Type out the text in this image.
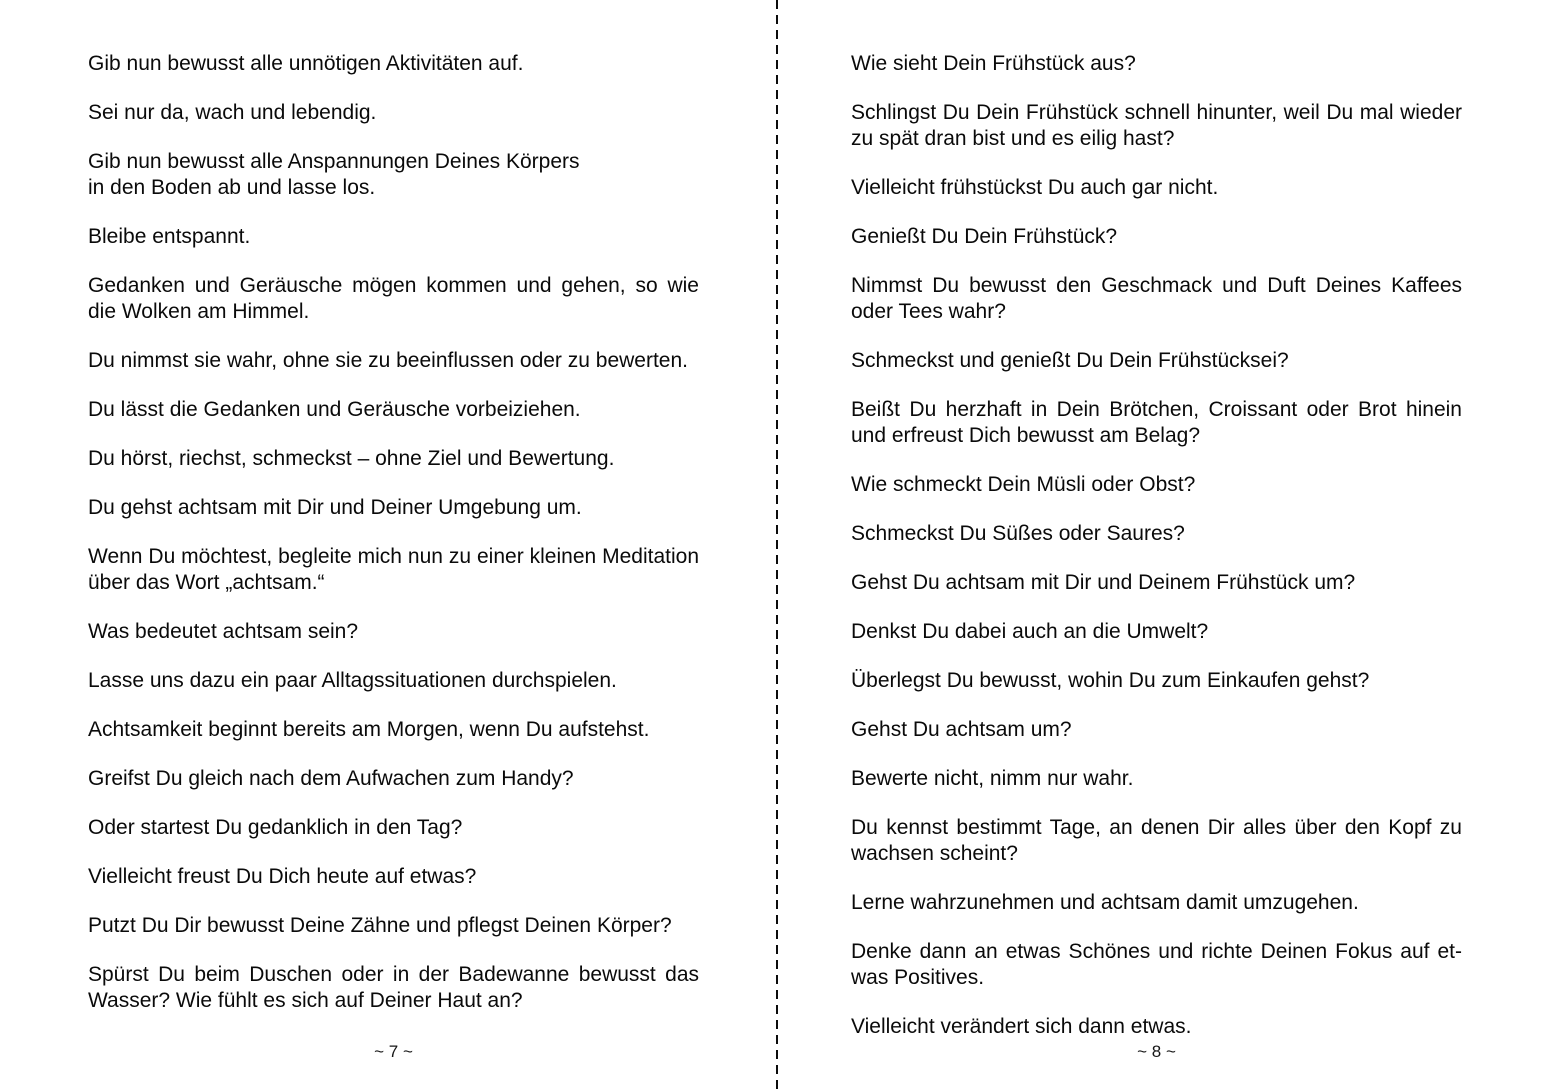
Gib nun bewusst alle unnötigen Aktivitäten auf.

Sei nur da, wach und lebendig.

Gib nun bewusst alle Anspannungen Deines Körpers
in den Boden ab und lasse los.

Bleibe entspannt.

Gedanken und Geräusche mögen kommen und gehen, so wie die Wolken am Himmel.

Du nimmst sie wahr, ohne sie zu beeinflussen oder zu bewerten.

Du lässt die Gedanken und Geräusche vorbeiziehen.

Du hörst, riechst, schmeckst – ohne Ziel und Bewertung.

Du gehst achtsam mit Dir und Deiner Umgebung um.

Wenn Du möchtest, begleite mich nun zu einer kleinen Meditation über das Wort „achtsam.“

Was bedeutet achtsam sein?

Lasse uns dazu ein paar Alltagssituationen durchspielen.

Achtsamkeit beginnt bereits am Morgen, wenn Du aufstehst.

Greifst Du gleich nach dem Aufwachen zum Handy?

Oder startest Du gedanklich in den Tag?

Vielleicht freust Du Dich heute auf etwas?

Putzt Du Dir bewusst Deine Zähne und pflegst Deinen Körper?

Spürst Du beim Duschen oder in der Badewanne bewusst das Wasser? Wie fühlt es sich auf Deiner Haut an?

~ 7 ~

Wie sieht Dein Frühstück aus?

Schlingst Du Dein Frühstück schnell hinunter, weil Du mal wieder zu spät dran bist und es eilig hast?

Vielleicht frühstückst Du auch gar nicht.

Genießt Du Dein Frühstück?

Nimmst Du bewusst den Geschmack und Duft Deines Kaffees oder Tees wahr?

Schmeckst und genießt Du Dein Frühstücksei?

Beißt Du herzhaft in Dein Brötchen, Croissant oder Brot hinein und erfreust Dich bewusst am Belag?

Wie schmeckt Dein Müsli oder Obst?

Schmeckst Du Süßes oder Saures?

Gehst Du achtsam mit Dir und Deinem Frühstück um?

Denkst Du dabei auch an die Umwelt?

Überlegst Du bewusst, wohin Du zum Einkaufen gehst?

Gehst Du achtsam um?

Bewerte nicht, nimm nur wahr.

Du kennst bestimmt Tage, an denen Dir alles über den Kopf zu wachsen scheint?

Lerne wahrzunehmen und achtsam damit umzugehen.

Denke dann an etwas Schönes und richte Deinen Fokus auf etwas Positives.

Vielleicht verändert sich dann etwas.

~ 8 ~
